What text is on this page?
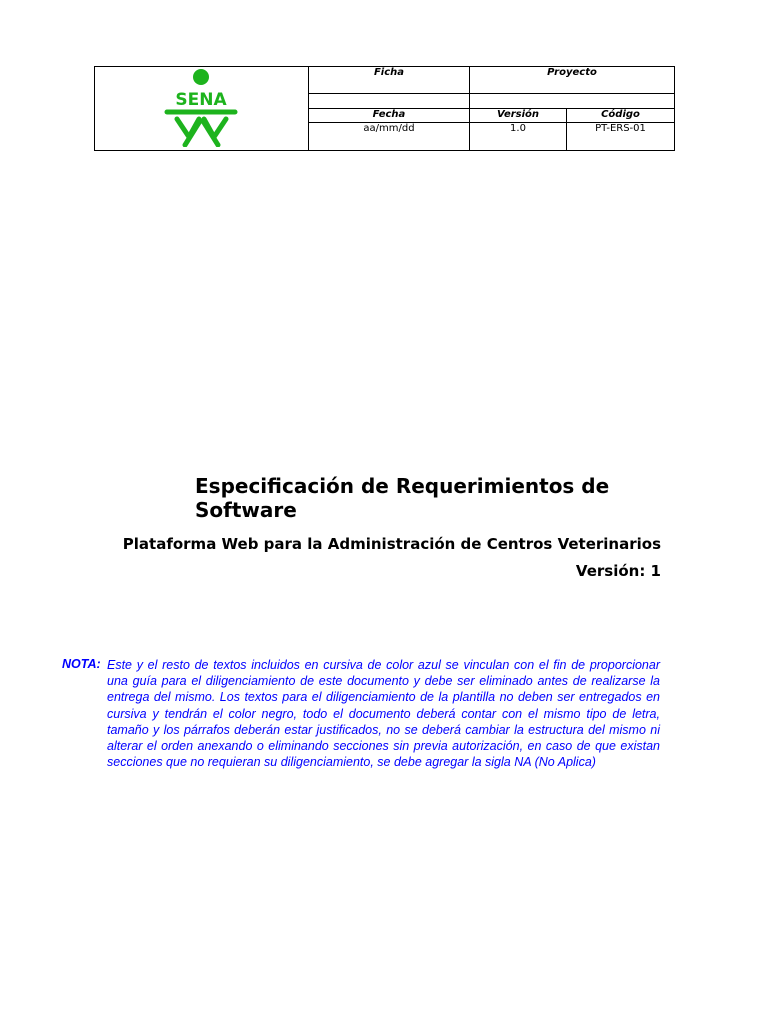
SENA	Ficha	Proyecto	

	Fecha	Versión	Código
	aa/mm/dd	1.0	PT-ERS-01
Especificación de Requerimientos de Software

Plataforma Web para la Administración de Centros Veterinarios

Versión: 1

NOTA: Este y el resto de textos incluidos en cursiva de color azul se vinculan con el fin de proporcionar una guía para el diligenciamiento de este documento y debe ser eliminado antes de realizarse la entrega del mismo. Los textos para el diligenciamiento de la plantilla no deben ser entregados en cursiva y tendrán el color negro, todo el documento deberá contar con el mismo tipo de letra, tamaño y los párrafos deberán estar justificados, no se deberá cambiar la estructura del mismo ni alterar el orden anexando o eliminando secciones sin previa autorización, en caso de que existan secciones que no requieran su diligenciamiento, se debe agregar la sigla NA (No Aplica)
